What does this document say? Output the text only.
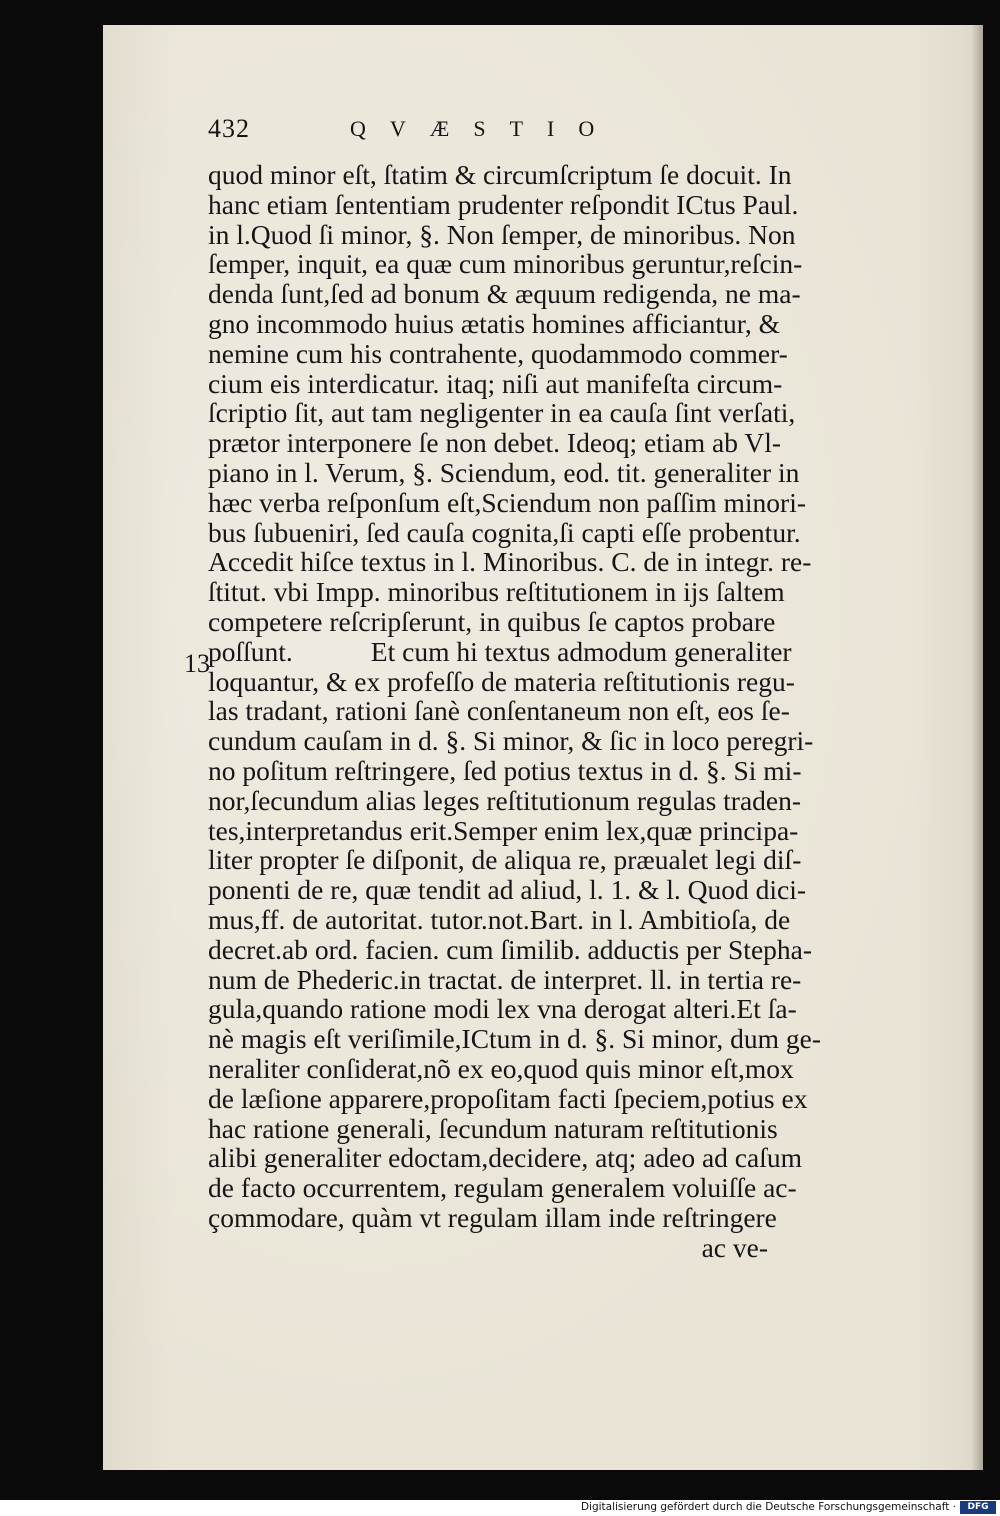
432	QVÆSTIO
13
quod minor eſt, ſtatim & circumſcriptum ſe docuit. In
hanc etiam ſententiam prudenter reſpondit ICtus Paul.
in l.Quod ſi minor, §. Non ſemper, de minoribus. Non
ſemper, inquit, ea quæ cum minoribus geruntur,reſcin-
denda ſunt,ſed ad bonum & æquum redigenda, ne ma-
gno incommodo huius ætatis homines afficiantur, &
nemine cum his contrahente, quodammodo commer-
cium eis interdicatur. itaq; niſi aut manifeſta circum-
ſcriptio ſit, aut tam negligenter in ea cauſa ſint verſati,
prætor interponere ſe non debet. Ideoq; etiam ab Vl-
piano in l. Verum, §. Sciendum, eod. tit. generaliter in
hæc verba reſponſum eſt,Sciendum non paſſim minori-
bus ſubueniri, ſed cauſa cognita,ſi capti eſſe probentur.
Accedit hiſce textus in l. Minoribus. C. de in integr. re-
ſtitut. vbi Impp. minoribus reſtitutionem in ijs ſaltem
competere reſcripſerunt, in quibus ſe captos probare
poſſunt.	Et cum hi textus admodum generaliter
loquantur, & ex profeſſo de materia reſtitutionis regu-
las tradant, rationi ſanè conſentaneum non eſt, eos ſe-
cundum cauſam in d. §. Si minor, & ſic in loco peregri-
no poſitum reſtringere, ſed potius textus in d. §. Si mi-
nor,ſecundum alias leges reſtitutionum regulas traden-
tes,interpretandus erit.Semper enim lex,quæ principa-
liter propter ſe diſponit, de aliqua re, præualet legi diſ-
ponenti de re, quæ tendit ad aliud, l. 1. & l. Quod dici-
mus,ff. de autoritat. tutor.not.Bart. in l. Ambitioſa, de
decret.ab ord. facien. cum ſimilib. adductis per Stepha-
num de Phederic.in tractat. de interpret. ll. in tertia re-
gula,quando ratione modi lex vna derogat alteri.Et ſa-
nè magis eſt veriſimile,ICtum in d. §. Si minor, dum ge-
neraliter conſiderat,nõ ex eo,quod quis minor eſt,mox
de læſione apparere,propoſitam facti ſpeciem,potius ex
hac ratione generali, ſecundum naturam reſtitutionis
alibi generaliter edoctam,decidere, atq; adeo ad caſum
de facto occurrentem, regulam generalem voluiſſe ac-
çommodare, quàm vt regulam illam inde reſtringere
ac ve-
Digitalisierung gefördert durch die Deutsche Forschungsgemeinschaft ·	DFG
